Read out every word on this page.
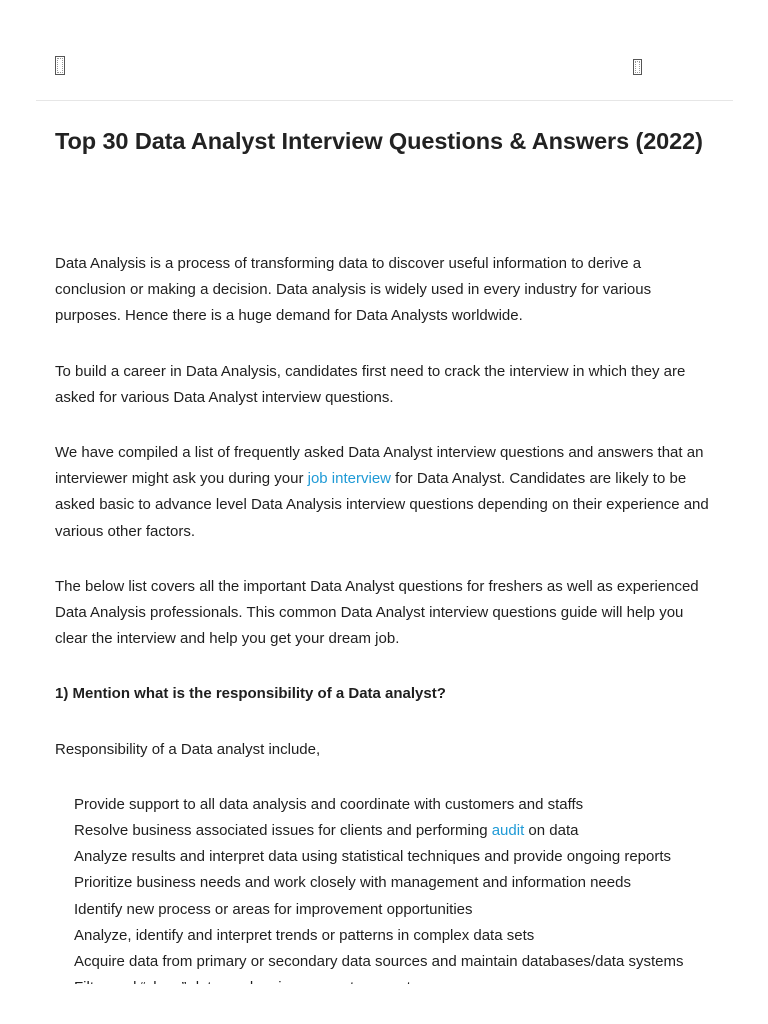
Top 30 Data Analyst Interview Questions & Answers (2022)

Data Analysis is a process of transforming data to discover useful information to derive a conclusion or making a decision. Data analysis is widely used in every industry for various purposes. Hence there is a huge demand for Data Analysts worldwide.

To build a career in Data Analysis, candidates first need to crack the interview in which they are asked for various Data Analyst interview questions.

We have compiled a list of frequently asked Data Analyst interview questions and answers that an interviewer might ask you during your job interview for Data Analyst. Candidates are likely to be asked basic to advance level Data Analysis interview questions depending on their experience and various other factors.

The below list covers all the important Data Analyst questions for freshers as well as experienced Data Analysis professionals. This common Data Analyst interview questions guide will help you clear the interview and help you get your dream job.

1) Mention what is the responsibility of a Data analyst?

Responsibility of a Data analyst include,

Provide support to all data analysis and coordinate with customers and staffs
Resolve business associated issues for clients and performing audit on data
Analyze results and interpret data using statistical techniques and provide ongoing reports
Prioritize business needs and work closely with management and information needs
Identify new process or areas for improvement opportunities
Analyze, identify and interpret trends or patterns in complex data sets
Acquire data from primary or secondary data sources and maintain databases/data systems
